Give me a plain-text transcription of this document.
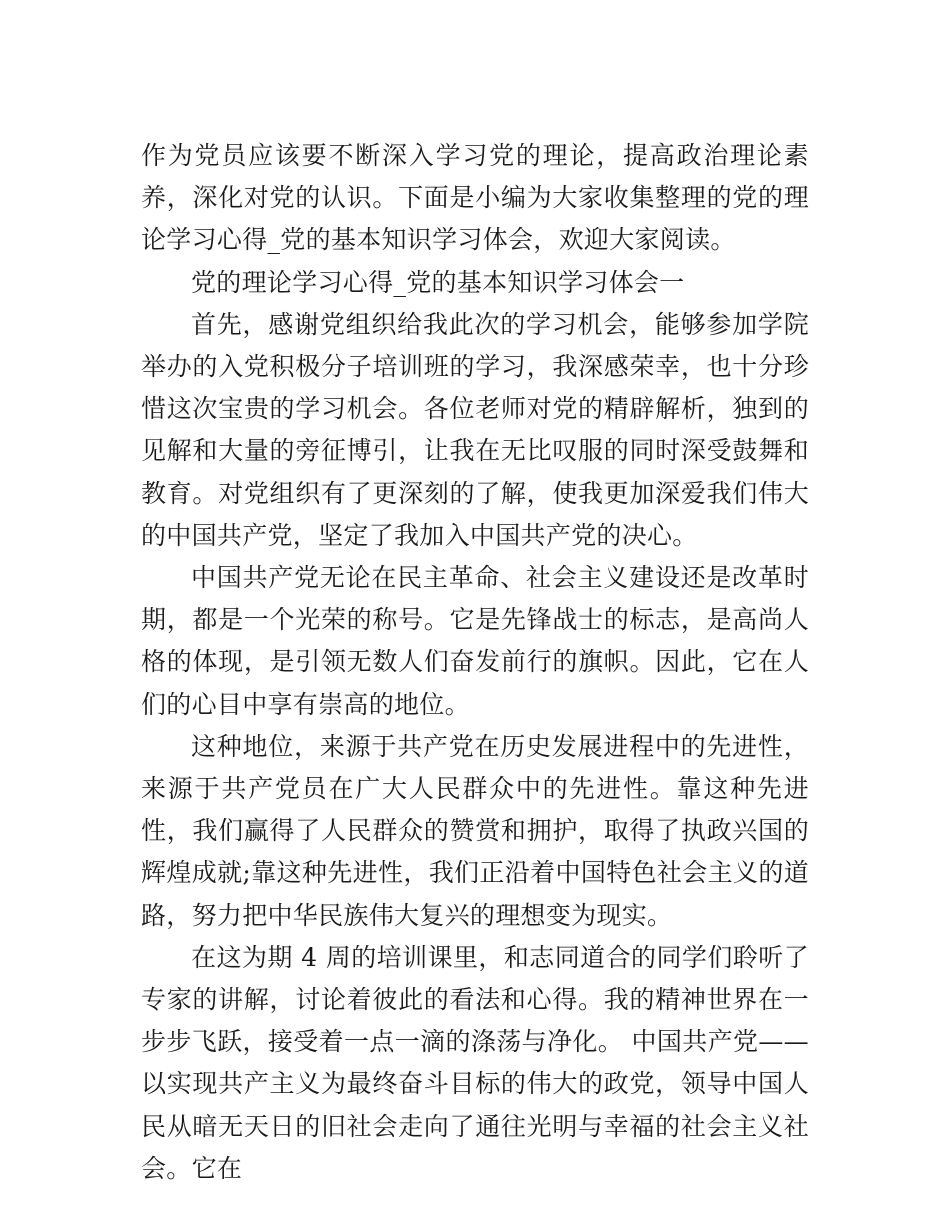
作为党员应该要不断深入学习党的理论，提高政治理论素养，深化对党的认识。下面是小编为大家收集整理的党的理论学习心得_党的基本知识学习体会，欢迎大家阅读。

党的理论学习心得_党的基本知识学习体会一

首先，感谢党组织给我此次的学习机会，能够参加学院举办的入党积极分子培训班的学习，我深感荣幸，也十分珍惜这次宝贵的学习机会。各位老师对党的精辟解析，独到的见解和大量的旁征博引，让我在无比叹服的同时深受鼓舞和教育。对党组织有了更深刻的了解，使我更加深爱我们伟大的中国共产党，坚定了我加入中国共产党的决心。

中国共产党无论在民主革命、社会主义建设还是改革时期，都是一个光荣的称号。它是先锋战士的标志，是高尚人格的体现，是引领无数人们奋发前行的旗帜。因此，它在人们的心目中享有崇高的地位。

这种地位，来源于共产党在历史发展进程中的先进性，来源于共产党员在广大人民群众中的先进性。靠这种先进性，我们赢得了人民群众的赞赏和拥护，取得了执政兴国的辉煌成就;靠这种先进性，我们正沿着中国特色社会主义的道路，努力把中华民族伟大复兴的理想变为现实。

在这为期 4 周的培训课里，和志同道合的同学们聆听了专家的讲解，讨论着彼此的看法和心得。我的精神世界在一步步飞跃，接受着一点一滴的涤荡与净化。 中国共产党——以实现共产主义为最终奋斗目标的伟大的政党，领导中国人民从暗无天日的旧社会走向了通往光明与幸福的社会主义社会。它在
